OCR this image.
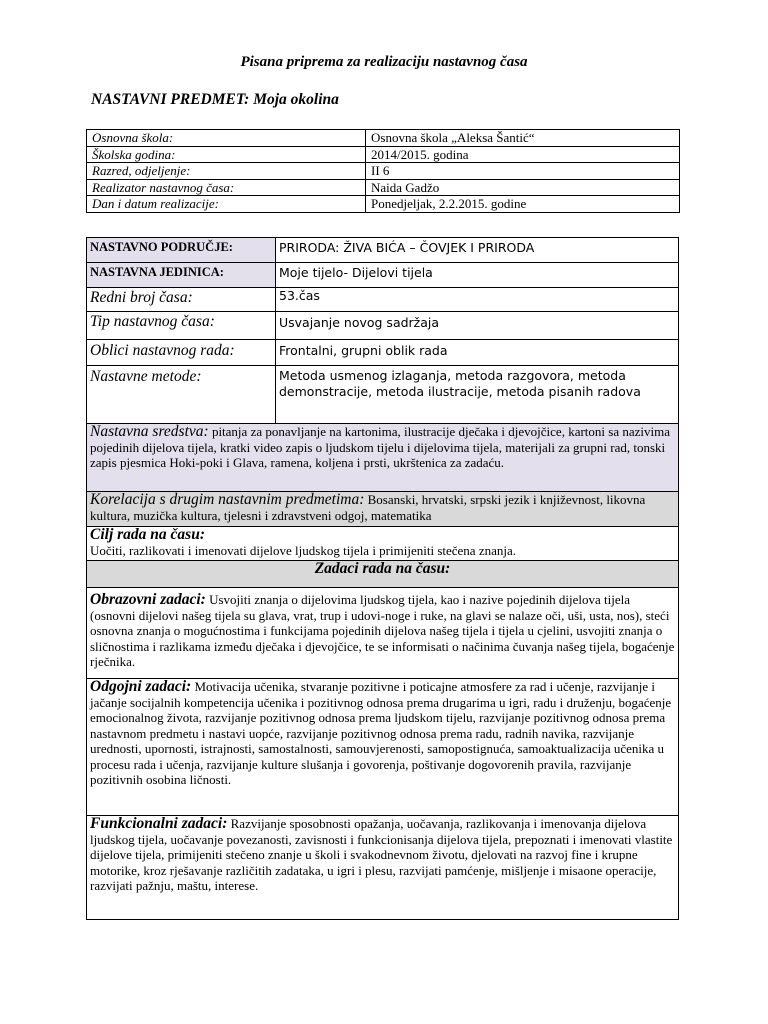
Pisana priprema za realizaciju nastavnog časa

NASTAVNI PREDMET: Moja okolina

Osnovna škola:	Osnovna škola „Aleksa Šantić“
Školska godina:	2014/2015. godina
Razred, odjeljenje:	II 6
Realizator nastavnog časa:	Naida Gadžo
Dan i datum realizacije:	Ponedjeljak, 2.2.2015. godine
NASTAVNO PODRUČJE:	PRIRODA: ŽIVA BIĆA – ČOVJEK I PRIRODA
NASTAVNA JEDINICA:	Moje tijelo- Dijelovi tijela
Redni broj časa:	53.čas
Tip nastavnog časa:	Usvajanje novog sadržaja
Oblici nastavnog rada:	Frontalni, grupni oblik rada
Nastavne metode:	Metoda usmenog izlaganja, metoda razgovora, metoda demonstracije, metoda ilustracije, metoda pisanih radova
Nastavna sredstva: pitanja za ponavljanje na kartonima, ilustracije dječaka i djevojčice, kartoni sa nazivima pojedinih dijelova tijela, kratki video zapis o ljudskom tijelu i dijelovima tijela, materijali za grupni rad, tonski zapis pjesmica Hoki-poki i Glava, ramena, koljena i prsti, ukrštenica za zadaću.	
Korelacija s drugim nastavnim predmetima: Bosanski, hrvatski, srpski jezik i književnost, likovna kultura, muzička kultura, tjelesni i zdravstveni odgoj, matematika	
Cilj rada na času:
Uočiti, razlikovati i imenovati dijelove ljudskog tijela i primijeniti stečena znanja.	
Zadaci rada na času:	
Obrazovni zadaci: Usvojiti znanja o dijelovima ljudskog tijela, kao i nazive pojedinih dijelova tijela (osnovni dijelovi našeg tijela su glava, vrat, trup i udovi-noge i ruke, na glavi se nalaze oči, uši, usta, nos), steći osnovna znanja o mogućnostima i funkcijama pojedinih dijelova našeg tijela i tijela u cjelini, usvojiti znanja o sličnostima i razlikama između dječaka i djevojčice, te se informisati o načinima čuvanja našeg tijela, bogaćenje rječnika.	
Odgojni zadaci: Motivacija učenika, stvaranje pozitivne i poticajne atmosfere za rad i učenje, razvijanje i jačanje socijalnih kompetencija učenika i pozitivnog odnosa prema drugarima u igri, radu i druženju, bogaćenje emocionalnog života, razvijanje pozitivnog odnosa prema ljudskom tijelu, razvijanje pozitivnog odnosa prema nastavnom predmetu i nastavi uopće, razvijanje pozitivnog odnosa prema radu, radnih navika, razvijanje urednosti, upornosti, istrajnosti, samostalnosti, samouvjerenosti, samopostignuća, samoaktualizacija učenika u procesu rada i učenja, razvijanje kulture slušanja i govorenja, poštivanje dogovorenih pravila, razvijanje pozitivnih osobina ličnosti.	
Funkcionalni zadaci: Razvijanje sposobnosti opažanja, uočavanja, razlikovanja i imenovanja dijelova ljudskog tijela, uočavanje povezanosti, zavisnosti i funkcionisanja dijelova tijela, prepoznati i imenovati vlastite dijelove tijela, primijeniti stečeno znanje u školi i svakodnevnom životu, djelovati na razvoj fine i krupne motorike, kroz rješavanje različitih zadataka, u igri i plesu, razvijati pamćenje, mišljenje i misaone operacije, razvijati pažnju, maštu, interese.	
